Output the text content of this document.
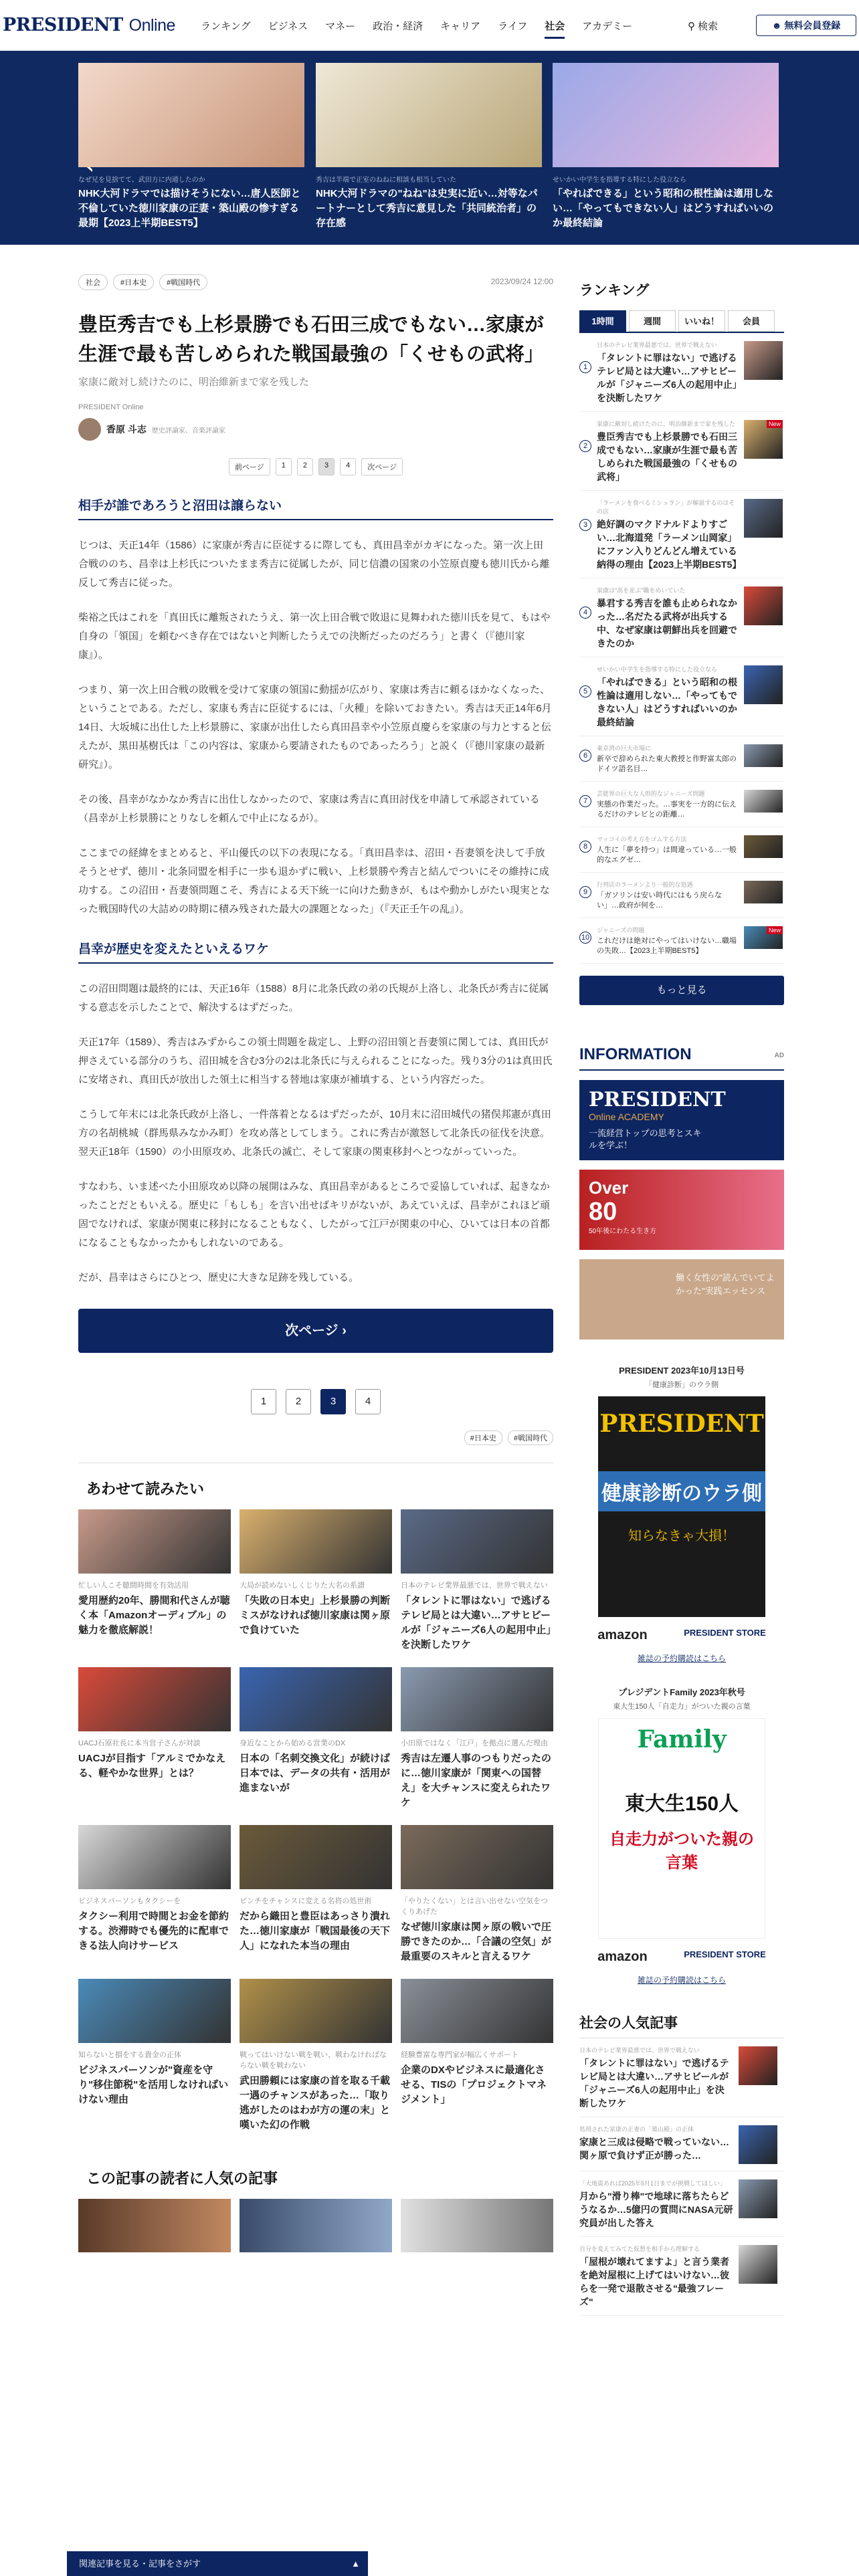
PRESIDENT Online	ランキング ビジネス マネー 政治・経済 キャリア ライフ 社会 アカデミー	⚲ 検索	☻ 無料会員登録
なぜ兄を見捨てて、武田方に内通したのか
NHK大河ドラマでは描けそうにない…唐人医師と不倫していた徳川家康の正妻・築山殿の惨すぎる最期【2023上半期BEST5】
秀吉は半端で正室のねねに相談も相当していた
NHK大河ドラマの"ねね"は史実に近い…対等なパートナーとして秀吉に意見した「共同統治者」の存在感
せいかい中学生を指導する特にした役立なら
「やればできる」という昭和の根性論は適用しない…「やってもできない人」はどうすればいいのか最終結論
社会	#日本史	#戦国時代	2023/09/24 12:00
豊臣秀吉でも上杉景勝でも石田三成でもない…家康が生涯で最も苦しめられた戦国最強の「くせもの武将」
家康に敵対し続けたのに、明治維新まで家を残した
PRESIDENT Online
香原 斗志 歴史評論家、音楽評論家
前ページ	1	2	3	4	次ページ
相手が誰であろうと沼田は譲らない

じつは、天正14年（1586）に家康が秀吉に臣従するに際しても、真田昌幸がカギになった。第一次上田合戦ののち、昌幸は上杉氏についたまま秀吉に従属したが、同じ信濃の国衆の小笠原貞慶も徳川氏から離反して秀吉に従った。

柴裕之氏はこれを「真田氏に離叛されたうえ、第一次上田合戦で敗退に見舞われた徳川氏を見て、もはや自身の「領国」を頼むべき存在ではないと判断したうえでの決断だったのだろう」と書く（『徳川家康』）。

つまり、第一次上田合戦の敗戦を受けて家康の領国に動揺が広がり、家康は秀吉に頼るほかなくなった、ということである。ただし、家康も秀吉に臣従するには、「火種」を除いておきたい。秀吉は天正14年6月14日、大坂城に出仕した上杉景勝に、家康が出仕したら真田昌幸や小笠原貞慶らを家康の与力とすると伝えたが、黒田基樹氏は「この内容は、家康から要請されたものであったろう」と説く（『徳川家康の最新研究』）。

その後、昌幸がなかなか秀吉に出仕しなかったので、家康は秀吉に真田討伐を申請して承認されている（昌幸が上杉景勝にとりなしを頼んで中止になるが）。

ここまでの経緯をまとめると、平山優氏の以下の表現になる。「真田昌幸は、沼田・吾妻領を決して手放そうとせず、徳川・北条同盟を相手に一歩も退かずに戦い、上杉景勝や秀吉と結んでついにその維持に成功する。この沼田・吾妻領問題こそ、秀吉による天下統一に向けた動きが、もはや動かしがたい現実となった戦国時代の大詰めの時期に積み残された最大の課題となった」（『天正壬午の乱』）。

昌幸が歴史を変えたといえるワケ

この沼田問題は最終的には、天正16年（1588）8月に北条氏政の弟の氏規が上洛し、北条氏が秀吉に従属する意志を示したことで、解決するはずだった。

天正17年（1589）、秀吉はみずからこの領土問題を裁定し、上野の沼田領と吾妻領に関しては、真田氏が押さえている部分のうち、沼田城を含む3分の2は北条氏に与えられることになった。残り3分の1は真田氏に安堵され、真田氏が放出した領土に相当する替地は家康が補填する、という内容だった。

こうして年末には北条氏政が上洛し、一件落着となるはずだったが、10月末に沼田城代の猪俣邦憲が真田方の名胡桃城（群馬県みなかみ町）を攻め落としてしまう。これに秀吉が激怒して北条氏の征伐を決意。翌天正18年（1590）の小田原攻め、北条氏の滅亡、そして家康の関東移封へとつながっていった。

すなわち、いま述べた小田原攻め以降の展開はみな、真田昌幸があるところで妥協していれば、起きなかったことだともいえる。歴史に「もしも」を言い出せばキリがないが、あえていえば、昌幸がこれほど頑固でなければ、家康が関東に移封になることもなく、したがって江戸が関東の中心、ひいては日本の首都になることもなかったかもしれないのである。

だが、昌幸はさらにひとつ、歴史に大きな足跡を残している。

次ページ ›
1	2	3	4
#日本史	#戦国時代
あわせて読みたい
忙しい人こそ聴間時間を有効活用
愛用歴約20年、勝間和代さんが聴く本「Amazonオーディブル」の魅力を徹底解説！
大局が読めないしくじりた大名の系譜
「失敗の日本史」上杉景勝の判断ミスがなければ徳川家康は関ヶ原で負けていた
日本のテレビ業界最悪では、世界で戦えない
「タレントに罪はない」で逃げるテレビ局とは大違い…アサヒビールが「ジャニーズ6人の起用中止」を決断したワケ
UACJ石原社長に本当営子さんが対談
UACJが目指す「アルミでかなえる、軽やかな世界」とは？
身近なことから始める営業のDX
日本の「名刺交換文化」が続けば日本では、データの共有・活用が進まないが
小田原ではなく「江戸」を拠点に選んだ理由
秀吉は左遷人事のつもりだったのに…徳川家康が「関東への国替え」を大チャンスに変えられたワケ
ビジネスパーソンもタクシーを
タクシー利用で時間とお金を節約する。渋滞時でも優先的に配車できる法人向けサービス
ピンチをチャンスに変える名将の処世術
だから織田と豊臣はあっさり潰れた…徳川家康が「戦国最後の天下人」になれた本当の理由
「やりたくない」とは言い出せない空気をつくりあげた
なぜ徳川家康は関ヶ原の戦いで圧勝できたのか…「合議の空気」が最重要のスキルと言えるワケ
知らないと損をする貴金の正体
ビジネスパーソンが"資産を守り"移住節税"を活用しなければいけない理由
戦ってはいけない戦を戦い、戦わなければならない戦を戦わない
武田勝頼には家康の首を取る千載一遇のチャンスがあった…「取り逃がしたのはわが方の運の末」と嘆いた幻の作戦
経験豊富な専門家が幅広くサポート
企業のDXやビジネスに最適化させる、TISの「プロジェクトマネジメント」
この記事の読者に人気の記事
ランキング
1時間	週間	いいね！	会員
1
日本のテレビ業界最悪では、世界で戦えない
「タレントに罪はない」で逃げるテレビ局とは大違い…アサヒビールが「ジャニーズ6人の起用中止」を決断したワケ
2
家康に敵対し続けたのに、明治維新まで家を残した
豊臣秀吉でも上杉景勝でも石田三成でもない…家康が生涯で最も苦しめられた戦国最強の「くせもの武将」
New
3
「ラーメンを食べるミシュラン」が解説するのはその店
絶好調のマクドナルドよりすごい…北海道発「ラーメン山岡家」にファン入りどんどん増えている納得の理由【2023上半期BEST5】
4
家康は"高を並ぶ"職をめいていた
暴君する秀吉を誰も止められなかった…名だたる武将が出兵する中、なぜ家康は朝鮮出兵を回避できたのか
5
せいかい中学生を指導する特にした役立なら
「やればできる」という昭和の根性論は適用しない…「やってもできない人」はどうすればいいのか最終結論
6
東京湾の巨大市場に
新卒で辞められた東大教授と作野富太郎のドイツ語名目…
7
芸能界の巨大な人形的なジャニーズ問題
実態の作業だった。…事実を一方的に伝えるだけのテレビとの距離…
8
マッコイの考え方をゴムする方法
人生に「夢を持つ」は間違っている…一般的なエグゼ…
9
行列店のラーメンより一般的な処遇
「ガソリンは安い時代にはもう戻らない」…政府が何を…
10
ジャニーズの問題
これだけは絶対にやってはいけない…職場の失敗…【2023上半期BEST5】
New
もっと見る
INFORMATION	AD
PRESIDENT
Online ACADEMY
一流経営トップの思考とスキルを学ぶ！
Over
80
50年後にわたる生き方
働く女性の"読んでいてよかった"実践エッセンス
PRESIDENT 2023年10月13日号
「健康診断」のウラ側
PRESIDENT
健康診断のウラ側
知らなきゃ大損！
amazon	PRESIDENT STORE
雑誌の予約購読はこちら
プレジデントFamily 2023年秋号
東大生150人「自走力」がついた親の言葉
Family
東大生150人
自走力がついた親の言葉
amazon	PRESIDENT STORE
雑誌の予約購読はこちら
社会の人気記事
日本のテレビ業界最悪では、世界で戦えない
「タレントに罪はない」で逃げるテレビ局とは大違い…アサヒビールが「ジャニーズ6人の起用中止」を決断したワケ
処刑された家康の正妻の「築山殿」の正体
家康と三成は侵略で戦っていない…関ヶ原で負けず正が勝った…
「大地震あれば2025年5月1日までが挑戦してほしい」
月から"滑り棒"で地球に落ちたらどうなるか…5億円の質問にNASA元研究員が出した答え
自分を変えてみてた仮想を相手から理解する
「屋根が壊れてますよ」と言う業者を絶対屋根に上げてはいけない…彼らを一発で退散させる"最強フレーズ"
関連記事を見る・記事をさがす	▲
